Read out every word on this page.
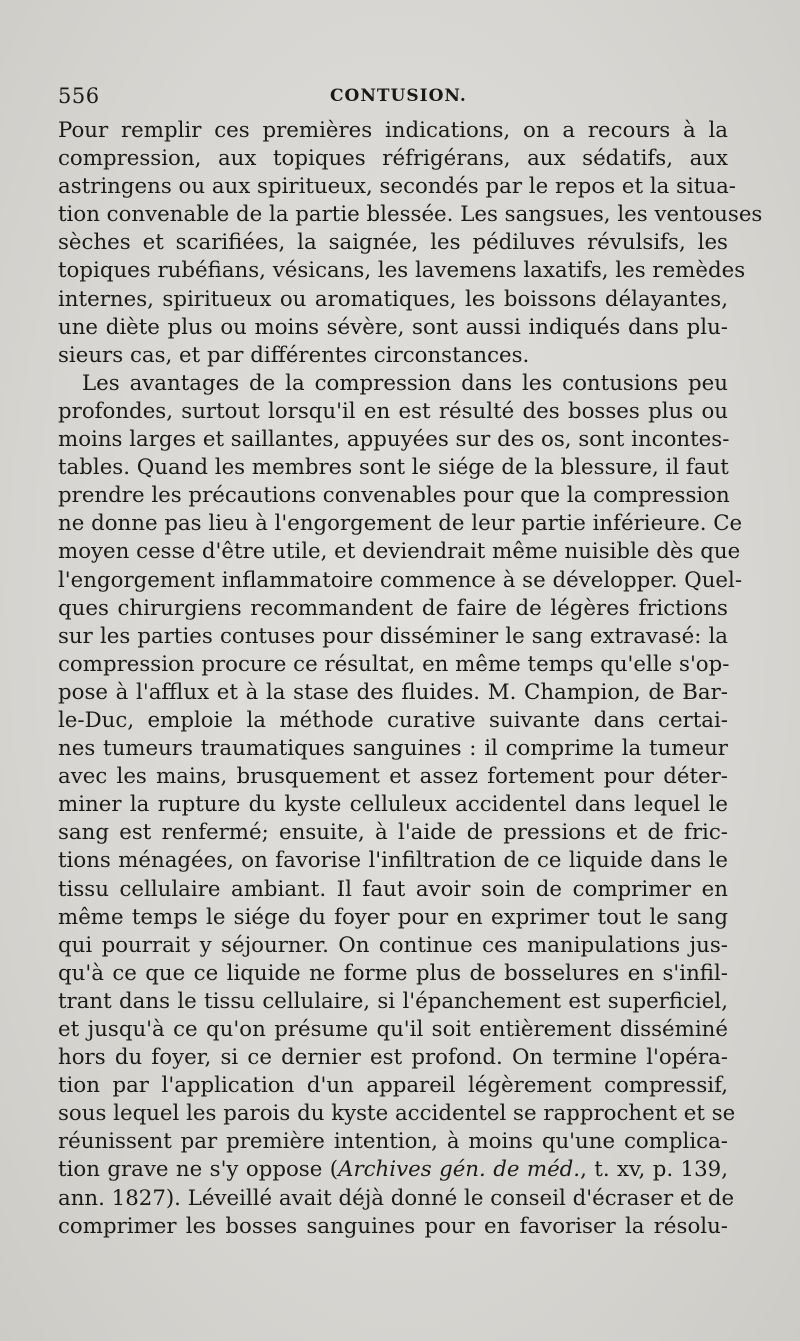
556	CONTUSION.
Pour remplir ces premières indications, on a recours à la
compression, aux topiques réfrigérans, aux sédatifs, aux
astringens ou aux spiritueux, secondés par le repos et la situa-
tion convenable de la partie blessée. Les sangsues, les ventouses
sèches et scarifiées, la saignée, les pédiluves révulsifs, les
topiques rubéfians, vésicans, les lavemens laxatifs, les remèdes
internes, spiritueux ou aromatiques, les boissons délayantes,
une diète plus ou moins sévère, sont aussi indiqués dans plu-
sieurs cas, et par différentes circonstances.
Les avantages de la compression dans les contusions peu
profondes, surtout lorsqu'il en est résulté des bosses plus ou
moins larges et saillantes, appuyées sur des os, sont incontes-
tables. Quand les membres sont le siége de la blessure, il faut
prendre les précautions convenables pour que la compression
ne donne pas lieu à l'engorgement de leur partie inférieure. Ce
moyen cesse d'être utile, et deviendrait même nuisible dès que
l'engorgement inflammatoire commence à se développer. Quel-
ques chirurgiens recommandent de faire de légères frictions
sur les parties contuses pour disséminer le sang extravasé: la
compression procure ce résultat, en même temps qu'elle s'op-
pose à l'afflux et à la stase des fluides. M. Champion, de Bar-
le-Duc, emploie la méthode curative suivante dans certai-
nes tumeurs traumatiques sanguines : il comprime la tumeur
avec les mains, brusquement et assez fortement pour déter-
miner la rupture du kyste celluleux accidentel dans lequel le
sang est renfermé; ensuite, à l'aide de pressions et de fric-
tions ménagées, on favorise l'infiltration de ce liquide dans le
tissu cellulaire ambiant. Il faut avoir soin de comprimer en
même temps le siége du foyer pour en exprimer tout le sang
qui pourrait y séjourner. On continue ces manipulations jus-
qu'à ce que ce liquide ne forme plus de bosselures en s'infil-
trant dans le tissu cellulaire, si l'épanchement est superficiel,
et jusqu'à ce qu'on présume qu'il soit entièrement disséminé
hors du foyer, si ce dernier est profond. On termine l'opéra-
tion par l'application d'un appareil légèrement compressif,
sous lequel les parois du kyste accidentel se rapprochent et se
réunissent par première intention, à moins qu'une complica-
tion grave ne s'y oppose (Archives gén. de méd., t. xv, p. 139,
ann. 1827). Léveillé avait déjà donné le conseil d'écraser et de
comprimer les bosses sanguines pour en favoriser la résolu-
